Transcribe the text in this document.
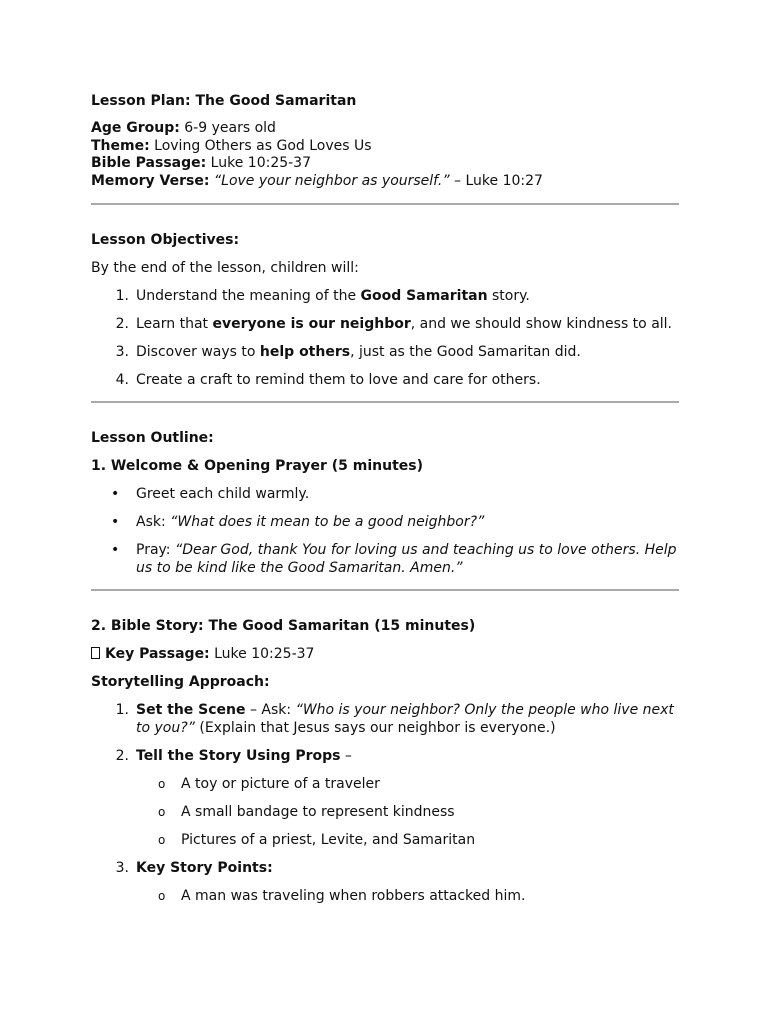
Lesson Plan: The Good Samaritan

Age Group: 6-9 years old

Theme: Loving Others as God Loves Us

Bible Passage: Luke 10:25-37

Memory Verse: “Love your neighbor as yourself.” – Luke 10:27

Lesson Objectives:

By the end of the lesson, children will:

1. Understand the meaning of the Good Samaritan story.
2. Learn that everyone is our neighbor, and we should show kindness to all.
3. Discover ways to help others, just as the Good Samaritan did.
4. Create a craft to remind them to love and care for others.

Lesson Outline:

1. Welcome & Opening Prayer (5 minutes)

• Greet each child warmly.
• Ask: “What does it mean to be a good neighbor?”
• Pray: “Dear God, thank You for loving us and teaching us to love others. Help us to be kind like the Good Samaritan. Amen.”

2. Bible Story: The Good Samaritan (15 minutes)

Key Passage: Luke 10:25-37

Storytelling Approach:

1. Set the Scene – Ask: “Who is your neighbor? Only the people who live next to you?” (Explain that Jesus says our neighbor is everyone.)
2. Tell the Story Using Props –
o A toy or picture of a traveler
o A small bandage to represent kindness
o Pictures of a priest, Levite, and Samaritan
3. Key Story Points:
o A man was traveling when robbers attacked him.
